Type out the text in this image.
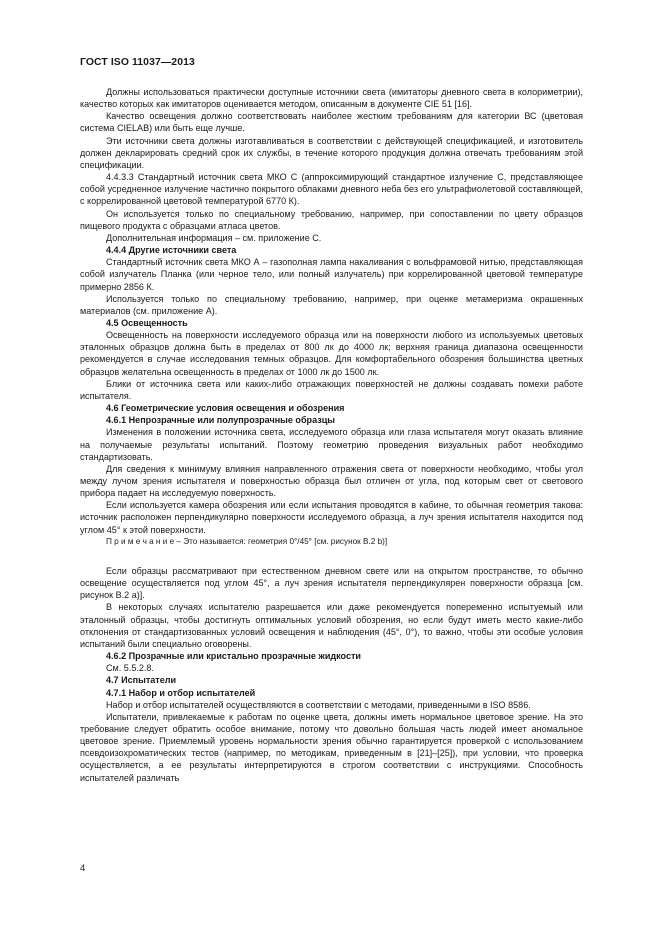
ГОСТ ISO 11037—2013

Должны использоваться практически доступные источники света (имитаторы дневного света в колориметрии), качество которых как имитаторов оценивается методом, описанным в документе CIE 51 [16].

Качество освещения должно соответствовать наиболее жестким требованиям для категории ВС (цветовая система CIELAB) или быть еще лучше.

Эти источники света должны изготавливаться в соответствии с действующей спецификацией, и изготовитель должен декларировать средний срок их службы, в течение которого продукция должна отвечать требованиям этой спецификации.

4.4.3.3 Стандартный источник света МКО С (аппроксимирующий стандартное излучение С, представляющее собой усредненное излучение частично покрытого облаками дневного неба без его ультрафиолетовой составляющей, с коррелированной цветовой температурой 6770 К).

Он используется только по специальному требованию, например, при сопоставлении по цвету образцов пищевого продукта с образцами атласа цветов.

Дополнительная информация – см. приложение С.

4.4.4 Другие источники света

Стандартный источник света МКО А – газополная лампа накаливания с вольфрамовой нитью, представляющая собой излучатель Планка (или черное тело, или полный излучатель) при коррелированной цветовой температуре примерно 2856 К.

Используется только по специальному требованию, например, при оценке метамеризма окрашенных материалов (см. приложение А).

4.5 Освещенность

Освещенность на поверхности исследуемого образца или на поверхности любого из используемых цветовых эталонных образцов должна быть в пределах от 800 лк до 4000 лк; верхняя граница диапазона освещенности рекомендуется в случае исследования темных образцов. Для комфортабельного обозрения большинства цветных образцов желательна освещенность в пределах от 1000 лк до 1500 лк.

Блики от источника света или каких-либо отражающих поверхностей не должны создавать помехи работе испытателя.

4.6 Геометрические условия освещения и обозрения

4.6.1 Непрозрачные или полупрозрачные образцы

Изменения в положении источника света, исследуемого образца или глаза испытателя могут оказать влияние на получаемые результаты испытаний. Поэтому геометрию проведения визуальных работ необходимо стандартизовать.

Для сведения к минимуму влияния направленного отражения света от поверхности необходимо, чтобы угол между лучом зрения испытателя и поверхностью образца был отличен от угла, под которым свет от светового прибора падает на исследуемую поверхность.

Если используется камера обозрения или если испытания проводятся в кабине, то обычная геометрия такова: источник расположен перпендикулярно поверхности исследуемого образца, а луч зрения испытателя находится под углом 45° к этой поверхности.

П р и м е ч а н и е – Это называется: геометрия 0°/45° [см. рисунок В.2 b)]

Если образцы рассматривают при естественном дневном свете или на открытом пространстве, то обычно освещение осуществляется под углом 45°, а луч зрения испытателя перпендикулярен поверхности образца [см. рисунок В.2 а)].

В некоторых случаях испытателю разрешается или даже рекомендуется попеременно испытуемый или эталонный образцы, чтобы достигнуть оптимальных условий обозрения, но если будут иметь место какие-либо отклонения от стандартизованных условий освещения и наблюдения (45°, 0°), то важно, чтобы эти особые условия испытаний были специально оговорены.

4.6.2 Прозрачные или кристально прозрачные жидкости

См. 5.5.2.8.

4.7 Испытатели

4.7.1 Набор и отбор испытателей

Набор и отбор испытателей осуществляются в соответствии с методами, приведенными в ISO 8586.

Испытатели, привлекаемые к работам по оценке цвета, должны иметь нормальное цветовое зрение. На это требование следует обратить особое внимание, потому что довольно большая часть людей имеет аномальное цветовое зрение. Приемлемый уровень нормальности зрения обычно гарантируется проверкой с использованием псевдоизохроматических тестов (например, по методикам, приведенным в [21]–[25]), при условии, что проверка осуществляется, а ее результаты интерпретируются в строгом соответствии с инструкциями. Способность испытателей различать

4
